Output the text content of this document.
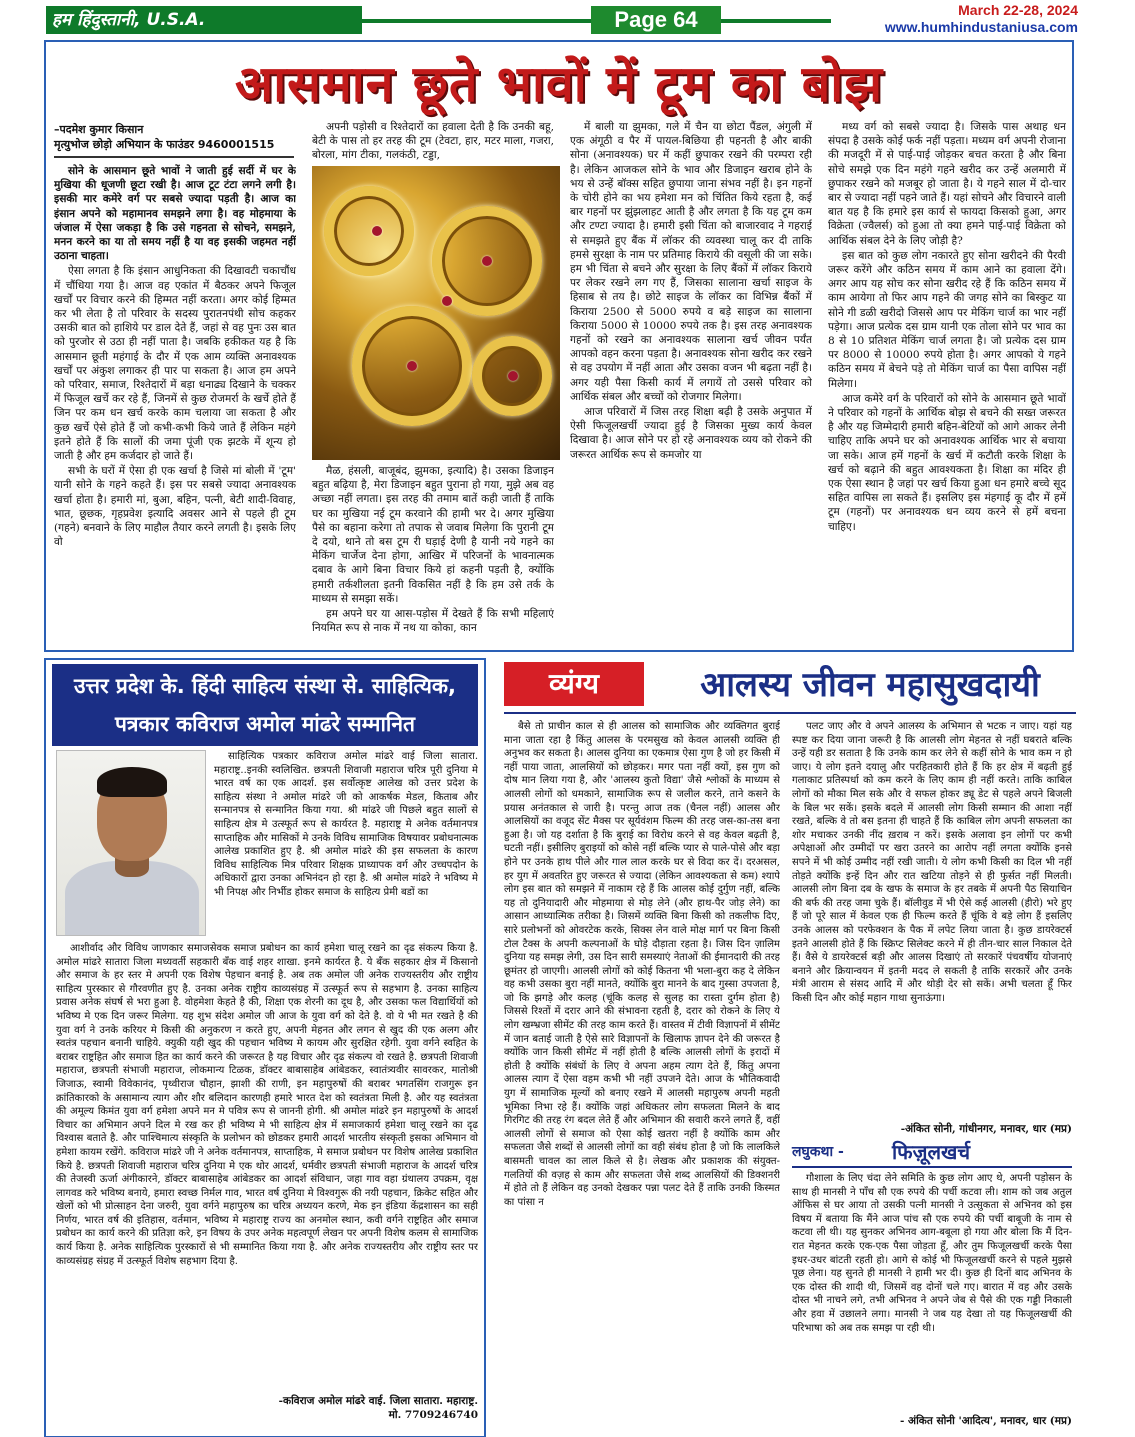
हम हिंदुस्तानी, U.S.A.	Page 64	March 22-28, 2024
www.humhindustaniusa.com
आसमान छूते भावों में टूम का बोझ
–पदमेश कुमार किसान
मृत्युभोज छोड़ो अभियान के फाउंडर 9460001515

सोने के आसमान छूते भावों ने जाती हुई सर्दी में घर के मुखिया की धूजणी छूटा रखी है। आज टूट टंटा लगने लगी है। इसकी मार कमेरे वर्ग पर सबसे ज्यादा पड़ती है। आज का इंसान अपने को महामानव समझने लगा है। वह मोहमाया के जंजाल में ऐसा जकड़ा है कि उसे गहनता से सोचने, समझने, मनन करने का या तो समय नहीं है या वह इसकी जहमत नहीं उठाना चाहता।

ऐसा लगता है कि इंसान आधुनिकता की दिखावटी चकाचौंध में चौंधिया गया है। आज वह एकांत में बैठकर अपने फिजूल खर्चों पर विचार करने की हिम्मत नहीं करता। अगर कोई हिम्मत कर भी लेता है तो परिवार के सदस्य पुरातनपंथी सोच कहकर उसकी बात को हाशिये पर डाल देते हैं, जहां से वह पुनः उस बात को पुरजोर से उठा ही नहीं पाता है। जबकि हकीकत यह है कि आसमान छूती महंगाई के दौर में एक आम व्यक्ति अनावश्यक खर्चों पर अंकुश लगाकर ही पार पा सकता है। आज हम अपने को परिवार, समाज, रिश्तेदारों में बड़ा धनाढ्य दिखाने के चक्कर में फिजूल खर्चे कर रहे हैं, जिनमें से कुछ रोजमर्रा के खर्चे होते हैं जिन पर कम धन खर्च करके काम चलाया जा सकता है और कुछ खर्चे ऐसे होते हैं जो कभी-कभी किये जाते हैं लेकिन महंगे इतने होते हैं कि सालों की जमा पूंजी एक झटके में शून्य हो जाती है और हम कर्जदार हो जाते हैं।

सभी के घरों में ऐसा ही एक खर्चा है जिसे मां बोली में 'टूम' यानी सोने के गहने कहते हैं। इस पर सबसे ज्यादा अनावश्यक खर्चा होता है। हमारी मां, बुआ, बहिन, पत्नी, बेटी शादी-विवाह, भात, छूछक, गृहप्रवेश इत्यादि अवसर आने से पहले ही टूम (गहने) बनवाने के लिए माहौल तैयार करने लगती है। इसके लिए वो

अपनी पड़ोसी व रिश्तेदारों का हवाला देती है कि उनकी बहू, बेटी के पास तो हर तरह की टूम (टेवटा, हार, मटर माला, गजरा, बोरला, मांग टीका, गलकंठी, टड्डा,

मैळ, हंसली, बाजूबंद, झुमका, इत्यादि) है। उसका डिजाइन बहुत बढ़िया है, मेरा डिजाइन बहुत पुराना हो गया, मुझे अब वह अच्छा नहीं लगता। इस तरह की तमाम बातें कही जाती हैं ताकि घर का मुखिया नई टूम करवाने की हामी भर दे। अगर मुखिया पैसे का बहाना करेगा तो तपाक से जवाब मिलेगा कि पुरानी टूम दे दयो, थाने तो बस टूम री घड़ाई देणी है यानी नये गहने का मेकिंग चार्जेज देना होगा, आखिर में परिजनों के भावनात्मक दबाव के आगे बिना विचार किये हां कहनी पड़ती है, क्योंकि हमारी तर्कशीलता इतनी विकसित नहीं है कि हम उसे तर्क के माध्यम से समझा सकें।

हम अपने घर या आस-पड़ोस में देखते हैं कि सभी महिलाएं नियमित रूप से नाक में नथ या कोका, कान

में बाली या झुमका, गले में चैन या छोटा पैंडल, अंगुली में एक अंगूठी व पैर में पायल-बिछिया ही पहनती है और बाकी सोना (अनावश्यक) घर में कहीं छुपाकर रखने की परम्परा रही है। लेकिन आजकल सोने के भाव और डिजाइन खराब होने के भय से उन्हें बॉक्स सहित छुपाया जाना संभव नहीं है। इन गहनों के चोरी होने का भय हमेशा मन को चिंतित किये रहता है, कई बार गहनों पर झुंझलाहट आती है और लगता है कि यह टूम कम और टण्टा ज्यादा है। हमारी इसी चिंता को बाजारवाद ने गहराई से समझते हुए बैंक में लॉकर की व्यवस्था चालू कर दी ताकि हमसे सुरक्षा के नाम पर प्रतिमाह किराये की वसूली की जा सके। हम भी चिंता से बचने और सुरक्षा के लिए बैंकों में लॉकर किराये पर लेकर रखने लग गए हैं, जिसका सालाना खर्चा साइज के हिसाब से तय है। छोटे साइज के लॉकर का विभिन्न बैंकों में किराया 2500 से 5000 रुपये व बड़े साइज का सालाना किराया 5000 से 10000 रुपये तक है। इस तरह अनावश्यक गहनों को रखने का अनावश्यक सालाना खर्च जीवन पर्यंत आपको वहन करना पड़ता है। अनावश्यक सोना खरीद कर रखने से वह उपयोग में नहीं आता और उसका वजन भी बढ़ता नहीं है। अगर यही पैसा किसी कार्य में लगायें तो उससे परिवार को आर्थिक संबल और बच्चों को रोजगार मिलेगा।

आज परिवारों में जिस तरह शिक्षा बढ़ी है उसके अनुपात में ऐसी फिजूलखर्ची ज्यादा हुई है जिसका मुख्य कार्य केवल दिखावा है। आज सोने पर हो रहे अनावश्यक व्यय को रोकने की जरूरत आर्थिक रूप से कमजोर या

मध्य वर्ग को सबसे ज्यादा है। जिसके पास अथाह धन संपदा है उसके कोई फर्क नहीं पड़ता। मध्यम वर्ग अपनी रोजाना की मजदूरी में से पाई-पाई जोड़कर बचत करता है और बिना सोचे समझे एक दिन महंगे गहने खरीद कर उन्हें अलमारी में छुपाकर रखने को मजबूर हो जाता है। ये गहने साल में दो-चार बार से ज्यादा नहीं पहने जाते हैं। यहां सोचने और विचारने वाली बात यह है कि हमारे इस कार्य से फायदा किसको हुआ, अगर विक्रेता (ज्वैलर्स) को हुआ तो क्या हमने पाई-पाई विक्रेता को आर्थिक संबल देने के लिए जोड़ी है?

इस बात को कुछ लोग नकारते हुए सोना खरीदने की पैरवी जरूर करेंगे और कठिन समय में काम आने का हवाला देंगे। अगर आप यह सोच कर सोना खरीद रहे हैं कि कठिन समय में काम आयेगा तो फिर आप गहने की जगह सोने का बिस्कुट या सोने गी डळी खरीदो जिससे आप पर मेकिंग चार्ज का भार नहीं पड़ेगा। आज प्रत्येक दस ग्राम यानी एक तोला सोने पर भाव का 8 से 10 प्रतिशत मेकिंग चार्ज लगता है। जो प्रत्येक दस ग्राम पर 8000 से 10000 रुपये होता है। अगर आपको ये गहने कठिन समय में बेचने पड़े तो मेकिंग चार्ज का पैसा वापिस नहीं मिलेगा।

आज कमेरे वर्ग के परिवारों को सोने के आसमान छूते भावों ने परिवार को गहनों के आर्थिक बोझ से बचने की सख्त जरूरत है और यह जिम्मेदारी हमारी बहिन-बेटियों को आगे आकर लेनी चाहिए ताकि अपने घर को अनावश्यक आर्थिक भार से बचाया जा सके। आज हमें गहनों के खर्च में कटौती करके शिक्षा के खर्च को बढ़ाने की बहुत आवश्यकता है। शिक्षा का मंदिर ही एक ऐसा स्थान है जहां पर खर्च किया हुआ धन हमारे बच्चे सूद सहित वापिस ला सकते हैं। इसलिए इस मंहगाई कू दौर में हमें टूम (गहनों) पर अनावश्यक धन व्यय करने से हमें बचना चाहिए।

उत्तर प्रदेश के. हिंदी साहित्य संस्था से. साहित्यिक,
पत्रकार कविराज अमोल मांढरे सम्मानित

साहित्यिक पत्रकार कविराज अमोल मांढरे वाई जिला सातारा. महाराष्ट्र..इनकी स्वलिखित. छत्रपती शिवाजी महाराज चरित्र पूरी दुनिया मे भारत वर्ष का एक आदर्श. इस सर्वोत्कृष्ट आलेख को उत्तर प्रदेश के साहित्य संस्था ने अमोल मांढरे जी को आकर्षक मेडल, किताब और सन्मानपत्र से सन्मानित किया गया. श्री मांढरे जी पिछले बहुत सालों से साहित्य क्षेत्र मे उत्स्फूर्त रूप से कार्यरत है. महाराष्ट्र मे अनेक वर्तमानपत्र साप्ताहिक और मासिकों मे उनके विविध सामाजिक विषयावर प्रबोधनात्मक आलेख प्रकाशित हुए है. श्री अमोल मांढरे की इस सफलता के कारण विविध साहित्यिक मित्र परिवार शिक्षक प्राध्यापक वर्ग और उच्चपदोन के अधिकारों द्वारा उनका अभिनंदन हो रहा है. श्री अमोल मांढरे ने भविष्य मे भी निपक्ष और निर्भीड होकर समाज के साहित्य प्रेमी बडों का

आशीर्वाद और विविध जाणकार समाजसेवक समाज प्रबोधन का कार्य हमेशा चालू रखने का दृढ संकल्प किया है. अमोल मांढरे सातारा जिला मध्यवर्ती सहकारी बँक वाई शहर शाखा. इनमे कार्यरत है. ये बँक सहकार क्षेत्र में किसानो और समाज के हर स्तर मे अपनी एक विशेष पेहचान बनाई है. अब तक अमोल जी अनेक राज्यस्तरीय और राष्ट्रीय साहित्य पुरस्कार से गौरवणीत हुए है. उनका अनेक राष्ट्रीय काव्यसंग्रह में उत्स्फूर्त रूप से सहभाग है. उनका साहित्य प्रवास अनेक संघर्ष से भरा हुआ है. वोहमेशा केहते है की, शिक्षा एक शेरनी का दूध है, और उसका फल विद्यार्थियों को भविष्य मे एक दिन जरूर मिलेगा. यह शुभ संदेश अमोल जी आज के युवा वर्ग को देते है. वो ये भी मत रखते है की युवा वर्ग ने उनके करियर मे किसी की अनुकरण न करते हुए, अपनी मेहनत और लगन से खुद की एक अलग और स्वतंत्र पहचान बनानी चाहिये. क्युकी यही खुद की पहचान भविष्य मे कायम और सुरक्षित रहेगी. युवा वर्गने स्वहित के बराबर राष्ट्रहित और समाज हित का कार्य करने की जरूरत है यह विचार और दृढ संकल्प वो रखते है. छत्रपती शिवाजी महाराज, छत्रपती संभाजी महाराज, लोकमान्य टिळक, डॉक्टर बाबासाहेब आंबेडकर, स्वातंत्र्यवीर सावरकर, मातोश्री जिजाऊ, स्वामी विवेकानंद, पृथ्वीराज चौहान, झाशी की राणी, इन महापुरुषों की बराबर भगतसिंग राजगुरू इन क्रांतिकारको के असामान्य त्याग और शौर बलिदान कारणही हमारे भारत देश को स्वतंत्रता मिली है. और यह स्वतंत्रता की अमूल्य किमंत युवा वर्ग हमेशा अपने मन मे पवित्र रूप से जाननी होगी. श्री अमोल मांढरे इन महापुरुषों के आदर्श विचार का अभिमान अपने दिल मे रख कर ही भविष्य मे भी साहित्य क्षेत्र में समाजकार्य हमेशा चालू रखने का दृढ विश्वास बताते है. और पाश्चिमात्य संस्कृति के प्रलोभन को छोडकर हमारी आदर्श भारतीय संस्कृती इसका अभिमान वो हमेशा कायम रखेंगे. कविराज मांढरे जी ने अनेक वर्तमानपत्र, साप्ताहिक, मे समाज प्रबोधन पर विशेष आलेख प्रकाशित किये है. छत्रपती शिवाजी महाराज चरित्र दुनिया मे एक थोर आदर्श, धर्मवीर छत्रपती संभाजी महाराज के आदर्श चरित्र की तेजस्वी ऊर्जा अंगीकारने, डॉक्टर बाबासाहेब आंबेडकर का आदर्श संविधान, जहा गाव वहा ग्रंथालय उपक्रम, वृक्ष लागवड करे भविष्य बनाये, हमारा स्वच्छ निर्मल गाव, भारत वर्ष दुनिया मे विश्वगुरू की नयी पहचान, क्रिकेट सहित और खेलों को भी प्रोत्साहन देना जरुरी, युवा वर्गने महापुरुष का चरित्र अध्ययन करणे, मेक इन इंडिया केंद्रशासन का सही निर्णय, भारत वर्ष की इतिहास, वर्तमान, भविष्य मे महाराष्ट्र राज्य का अनमोल स्थान, कवी वर्गने राष्ट्रहित और समाज प्रबोधन का कार्य करने की प्रतिज्ञा करे, इन विषय के उपर अनेक महत्वपूर्ण लेखन पर अपनी विशेष कलम से सामाजिक कार्य किया है. अनेक साहित्यिक पुरस्कारों से भी सम्मानित किया गया है. और अनेक राज्यस्तरीय और राष्ट्रीय स्तर पर काव्यसंग्रह संग्रह में उत्स्फूर्त विशेष सहभाग दिया है.

-कविराज अमोल मांढरे वाई. जिला सातारा. महाराष्ट्र.
मो. 7709246740
व्यंग्य	आलस्य जीवन महासुखदायी

बैसे तो प्राचीन काल से ही आलस को सामाजिक और व्यक्तिगत बुराई माना जाता रहा है किंतु आलस के परमसुख को केवल आलसी व्यक्ति ही अनुभव कर सकता है। आलस दुनिया का एकमात्र ऐसा गुण है जो हर किसी में नहीं पाया जाता, आलसियों को छोड़कर। मगर पता नहीं क्यों, इस गुण को दोष मान लिया गया है, और 'आलस्य कुतो विद्या' जैसे श्लोकों के माध्यम से आलसी लोगों को धमकाने, सामाजिक रूप से जलील करने, ताने कसने के प्रयास अनंतकाल से जारी है। परन्तु आज तक (चैनल नहीं) आलस और आलसियों का वजूद सेंट मैक्स पर सूर्यवंशम फिल्म की तरह जस-का-तस बना हुआ है। जो यह दर्शाता है कि बुराई का विरोध करने से वह केवल बढ़ती है, घटती नहीं। इसीलिए बुराइयों को कोसे नहीं बल्कि प्यार से पाले-पोसे और बड़ा होने पर उनके हाथ पीले और गाल लाल करके घर से विदा कर दें। दरअसल, हर युग में अवतरित हुए जरूरत से ज्यादा (लेकिन आवश्यकता से कम) श्यापे लोग इस बात को समझने में नाकाम रहे हैं कि आलस कोई दुर्गुण नहीं, बल्कि यह तो दुनियादारी और मोहमाया से मोड़ लेने (और हाथ-पैर जोड़ लेने) का आसान आध्यात्मिक तरीका है। जिसमें व्यक्ति बिना किसी को तकलीफ दिए, सारे प्रलोभनों को ओवरटेक करके, सिक्स लेन वाले मोक्ष मार्ग पर बिना किसी टोल टैक्स के अपनी कल्पनाओं के घोड़े दौड़ाता रहता है। जिस दिन ज़ालिम दुनिया यह समझ लेगी, उस दिन सारी समस्याएं नेताओं की ईमानदारी की तरह छूमंतर हो जाएगी। आलसी लोगों को कोई कितना भी भला-बुरा कह दे लेकिन वह कभी उसका बुरा नहीं मानते, क्योंकि बुरा मानने के बाद गुस्सा उपजता है, जो कि झगड़े और कलह (चूंकि कलह से सुलह का रास्ता दुर्गम होता है) जिससे रिश्तों में दरार आने की संभावना रहती है, दरार को रोकने के लिए ये लोग खम्भ्रजा सीमेंट की तरह काम करते हैं। वास्तव में टीवी विज्ञापनों में सीमेंट में जान बताई जाती है ऐसे सारे विज्ञापनों के खिलाफ ज्ञापन देने की जरूरत है क्योंकि जान किसी सीमेंट में नहीं होती है बल्कि आलसी लोगों के इरादों में होती है क्योंकि संबंधों के लिए वे अपना अहम त्याग देते हैं, किंतु अपना आलस त्याग दें ऐसा वहम कभी भी नहीं उपजने देते। आज के भौतिकवादी युग में सामाजिक मूल्यों को बनाए रखने में आलसी महापुरुष अपनी महती भूमिका निभा रहे हैं। क्योंकि जहां अधिकतर लोग सफलता मिलने के बाद गिरगिट की तरह रंग बदल लेते हैं और अभिमान की सवारी करने लगते हैं, वहीं आलसी लोगों से समाज को ऐसा कोई खतरा नहीं है क्योंकि काम और सफलता जैसे शब्दों से आलसी लोगों का वही संबंध होता है जो कि लालकिले बासमती चावल का लाल किले से है। लेखक और प्रकाशक की संयुक्त-गलतियों की वज़ह से काम और सफलता जैसे शब्द आलसियों की डिक्शनरी में होते तो हैं लेकिन वह उनको देखकर पन्ना पलट देते हैं ताकि उनकी किस्मत का पांसा न

पलट जाए और वे अपने आलस्य के अभिमान से भटक न जाए। यहां यह स्पष्ट कर दिया जाना जरूरी है कि आलसी लोग मेहनत से नहीं घबराते बल्कि उन्हें यही डर सताता है कि उनके काम कर लेने से कहीं सोने के भाव कम न हो जाए। ये लोग इतने दयालु और परहितकारी होते हैं कि हर क्षेत्र में बढ़ती हुई गलाकाट प्रतिस्पर्धा को कम करने के लिए काम ही नहीं करते। ताकि काबिल लोगों को मौका मिल सके और वे सफल होकर ड्यू डेट से पहले अपने बिजली के बिल भर सकें। इसके बदले में आलसी लोग किसी सम्मान की आशा नहीं रखते, बल्कि वे तो बस इतना ही चाहते हैं कि काबिल लोग अपनी सफलता का शोर मचाकर उनकी नींद ख़राब न करें। इसके अलावा इन लोगों पर कभी अपेक्षाओं और उम्मीदों पर खरा उतरने का आरोप नहीं लगता क्योंकि इनसे सपने में भी कोई उम्मीद नहीं रखी जाती। ये लोग कभी किसी का दिल भी नहीं तोड़ते क्योंकि इन्हें दिन और रात खटिया तोड़ने से ही फुर्सत नहीं मिलती। आलसी लोग बिना दब के खफ के समाज के हर तबके में अपनी पैठ सियाचिन की बर्फ की तरह जमा चुके हैं। बॉलीवुड में भी ऐसे कई आलसी (हीरो) भरे हुए हैं जो पूरे साल में केवल एक ही फिल्म करते हैं चूंकि वे बड़े लोग हैं इसलिए उनके आलस को परफेक्शन के पैक में लपेट लिया जाता है। कुछ डायरेक्टर्स इतने आलसी होते हैं कि स्क्रिप्ट सिलेक्ट करने में ही तीन-चार साल निकाल देते हैं। वैसे ये डायरेक्टर्स बड़ी और आलस दिखाएं तो सरकारें पंचवर्षीय योजनाएं बनाने और क्रियान्वयन में इतनी मदद ले सकती है ताकि सरकारें और उनके मंत्री आराम से संसद आदि में और थोड़ी देर सो सकें। अभी चलता हूँ फिर किसी दिन और कोई महान गाथा सुनाऊंगा।

-अंकित सोनी, गांधीनगर, मनावर, धार (मप्र)
लघुकथा - फिज़ूलखर्च

गौशाला के लिए चंदा लेने समिति के कुछ लोग आए थे, अपनी पड़ोसन के साथ ही मानसी ने पाँच सौ एक रुपये की पर्ची कटवा ली। शाम को जब अतुल ऑफिस से घर आया तो उसकी पत्नी मानसी ने उत्सुकता से अभिनव को इस विषय में बताया कि मैंने आज पांच सौ एक रुपये की पर्ची बाबूजी के नाम से कटवा ली थी। यह सुनकर अभिनव आग-बबूला हो गया और बोला कि मैं दिन-रात मेहनत करके एक-एक पैसा जोड़ता हूँ, और तुम फिजूलखर्ची करके पैसा इधर-उधर बांटती रहती हो। आगे से कोई भी फिजूलखर्ची करने से पहले मुझसे पूछ लेना। यह सुनते ही मानसी ने हामी भर दी। कुछ ही दिनों बाद अभिनव के एक दोस्त की शादी थी, जिसमें वह दोनों चले गए। बारात में वह और उसके दोस्त भी नाचने लगे, तभी अभिनव ने अपने जेब से पैसे की एक गड्डी निकाली और हवा में उछालने लगा। मानसी ने जब यह देखा तो यह फिजूलखर्ची की परिभाषा को अब तक समझ पा रही थी।

- अंकित सोनी 'आदित्य', मनावर, धार (मप्र)
